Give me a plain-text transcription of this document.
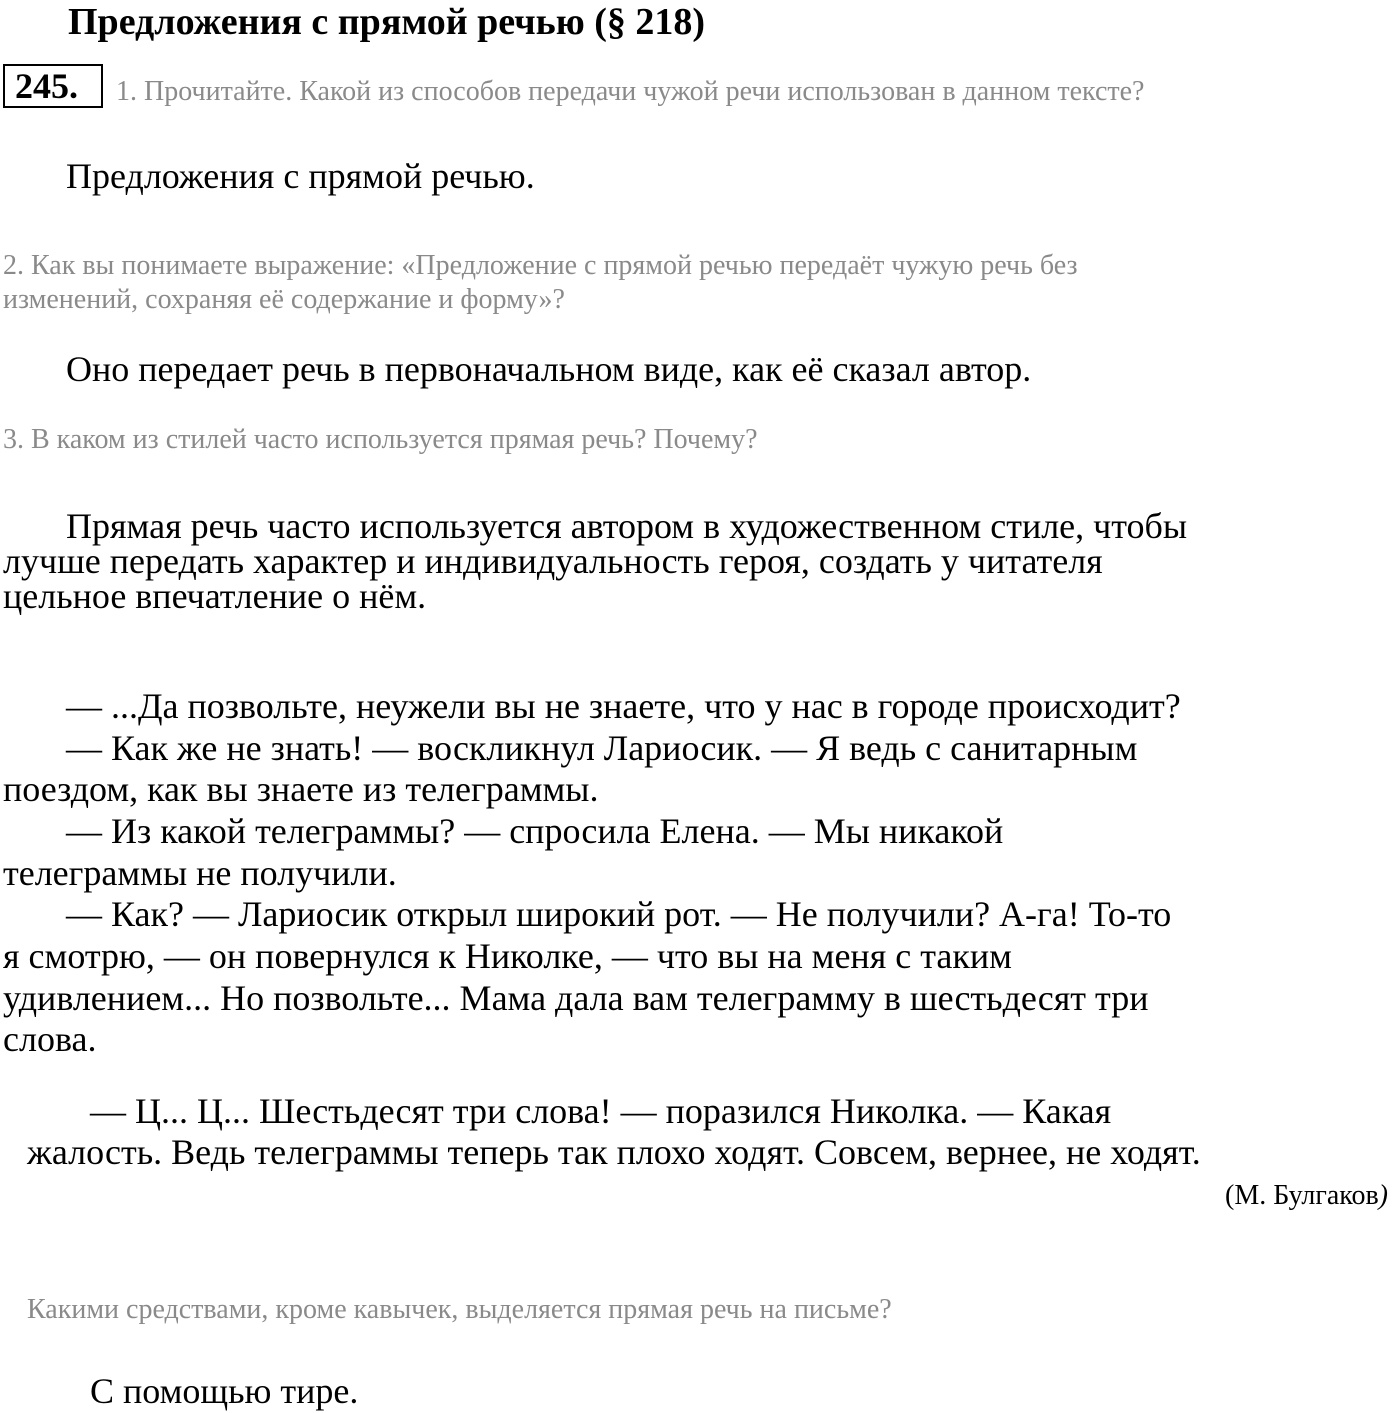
Предложения с прямой речью (§ 218)
245.	1. Прочитайте. Какой из способов передачи чужой речи использован в данном тексте?
Предложения с прямой речью.
2. Как вы понимаете выражение: «Предложение с прямой речью передаёт чужую речь без
изменений, сохраняя её содержание и форму»?
Оно передает речь в первоначальном виде, как её сказал автор.
3. В каком из стилей часто используется прямая речь? Почему?
Прямая речь часто используется автором в художественном стиле, чтобы
лучше передать характер и индивидуальность героя, создать у читателя
цельное впечатление о нём.
— ...Да позвольте, неужели вы не знаете, что у нас в городе происходит?
— Как же не знать! — воскликнул Лариосик. — Я ведь с санитарным
поездом, как вы знаете из телеграммы.
— Из какой телеграммы? — спросила Елена. — Мы никакой
телеграммы не получили.
— Как? — Лариосик открыл широкий рот. — Не получили? А-га! То-то
я смотрю, — он повернулся к Николке, — что вы на меня с таким
удивлением... Но позвольте... Мама дала вам телеграмму в шестьдесят три
слова.
— Ц... Ц... Шестьдесят три слова! — поразился Николка. — Какая
жалость. Ведь телеграммы теперь так плохо ходят. Совсем, вернее, не ходят.
(М. Булгаков)
Какими средствами, кроме кавычек, выделяется прямая речь на письме?
С помощью тире.
